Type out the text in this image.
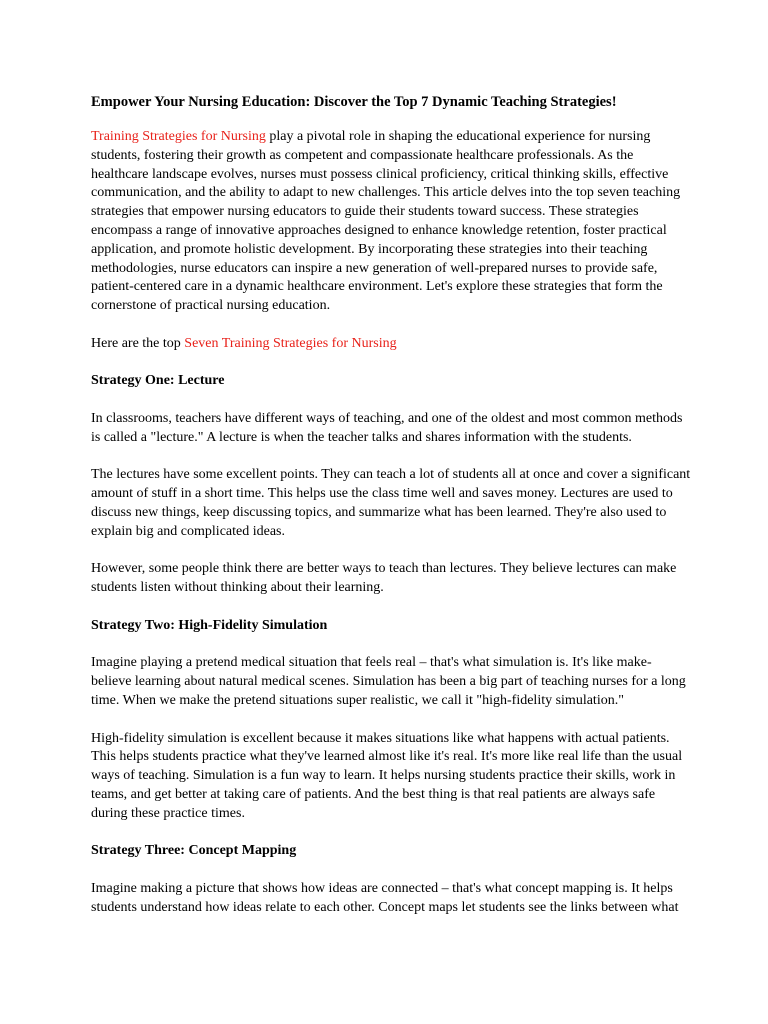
Empower Your Nursing Education: Discover the Top 7 Dynamic Teaching Strategies!

Training Strategies for Nursing play a pivotal role in shaping the educational experience for nursing students, fostering their growth as competent and compassionate healthcare professionals. As the healthcare landscape evolves, nurses must possess clinical proficiency, critical thinking skills, effective communication, and the ability to adapt to new challenges. This article delves into the top seven teaching strategies that empower nursing educators to guide their students toward success. These strategies encompass a range of innovative approaches designed to enhance knowledge retention, foster practical application, and promote holistic development. By incorporating these strategies into their teaching methodologies, nurse educators can inspire a new generation of well-prepared nurses to provide safe, patient-centered care in a dynamic healthcare environment. Let's explore these strategies that form the cornerstone of practical nursing education.

Here are the top Seven Training Strategies for Nursing

Strategy One: Lecture

In classrooms, teachers have different ways of teaching, and one of the oldest and most common methods is called a "lecture." A lecture is when the teacher talks and shares information with the students.

The lectures have some excellent points. They can teach a lot of students all at once and cover a significant amount of stuff in a short time. This helps use the class time well and saves money. Lectures are used to discuss new things, keep discussing topics, and summarize what has been learned. They're also used to explain big and complicated ideas.

However, some people think there are better ways to teach than lectures. They believe lectures can make students listen without thinking about their learning.

Strategy Two: High-Fidelity Simulation

Imagine playing a pretend medical situation that feels real – that's what simulation is. It's like make-believe learning about natural medical scenes. Simulation has been a big part of teaching nurses for a long time. When we make the pretend situations super realistic, we call it "high-fidelity simulation."

High-fidelity simulation is excellent because it makes situations like what happens with actual patients. This helps students practice what they've learned almost like it's real. It's more like real life than the usual ways of teaching. Simulation is a fun way to learn. It helps nursing students practice their skills, work in teams, and get better at taking care of patients. And the best thing is that real patients are always safe during these practice times.

Strategy Three: Concept Mapping

Imagine making a picture that shows how ideas are connected – that's what concept mapping is. It helps students understand how ideas relate to each other. Concept maps let students see the links between what
